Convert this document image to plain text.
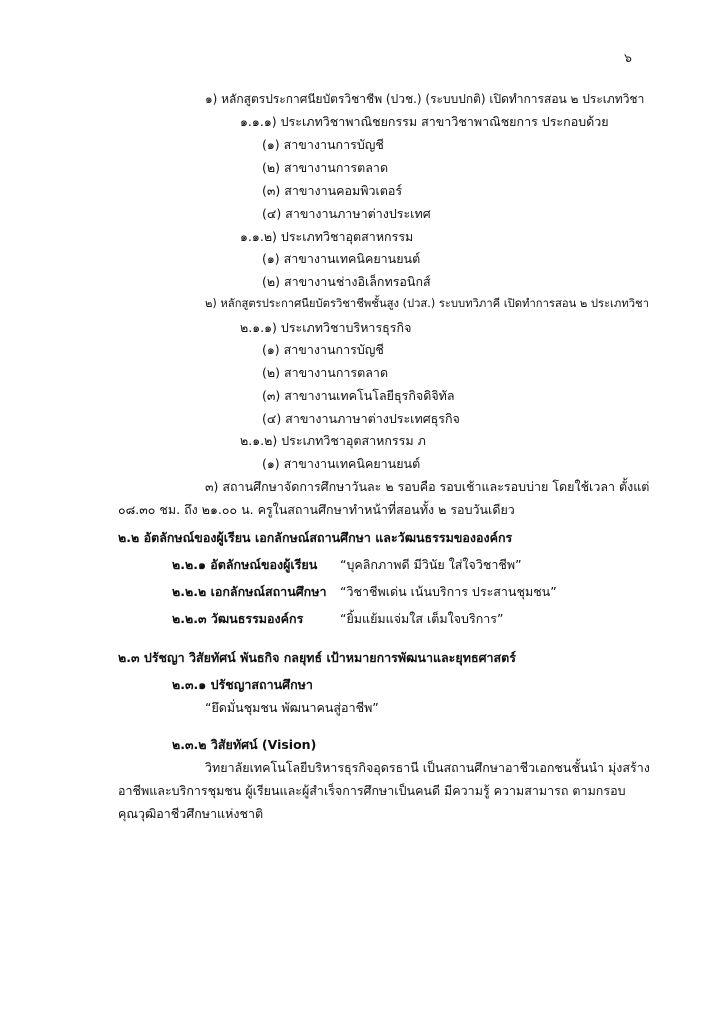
๖
๑) หลักสูตรประกาศนียบัตรวิชาชีพ (ปวช.) (ระบบปกติ) เปิดทำการสอน ๒ ประเภทวิชา
๑.๑.๑) ประเภทวิชาพาณิชยกรรม สาขาวิชาพาณิชยการ ประกอบด้วย
(๑) สาขางานการบัญชี
(๒) สาขางานการตลาด
(๓) สาขางานคอมพิวเตอร์
(๔) สาขางานภาษาต่างประเทศ
๑.๑.๒) ประเภทวิชาอุตสาหกรรม
(๑) สาขางานเทคนิคยานยนต์
(๒) สาขางานช่างอิเล็กทรอนิกส์
๒) หลักสูตรประกาศนียบัตรวิชาชีพชั้นสูง (ปวส.) ระบบทวิภาคี เปิดทำการสอน ๒ ประเภทวิชา
๒.๑.๑) ประเภทวิชาบริหารธุรกิจ
(๑) สาขางานการบัญชี
(๒) สาขางานการตลาด
(๓) สาขางานเทคโนโลยีธุรกิจดิจิทัล
(๔) สาขางานภาษาต่างประเทศธุรกิจ
๒.๑.๒) ประเภทวิชาอุตสาหกรรม ภ
(๑) สาขางานเทคนิคยานยนต์
๓) สถานศึกษาจัดการศึกษาวันละ ๒ รอบคือ รอบเช้าและรอบบ่าย โดยใช้เวลา ตั้งแต่
๐๘.๓๐ ชม. ถึง ๒๑.๐๐ น. ครูในสถานศึกษาทำหน้าที่สอนทั้ง ๒ รอบวันเดียว
๒.๒ อัตลักษณ์ของผู้เรียน เอกลักษณ์สถานศึกษา และวัฒนธรรมขององค์กร
๒.๒.๑ อัตลักษณ์ของผู้เรียน “บุคลิกภาพดี มีวินัย ใส่ใจวิชาชีพ”
๒.๒.๒ เอกลักษณ์สถานศึกษา “วิชาชีพเด่น เน้นบริการ ประสานชุมชน”
๒.๒.๓ วัฒนธรรมองค์กร	“ยิ้มแย้มแจ่มใส เต็มใจบริการ”
๒.๓ ปรัชญา วิสัยทัศน์ พันธกิจ กลยุทธ์ เป้าหมายการพัฒนาและยุทธศาสตร์
๒.๓.๑ ปรัชญาสถานศึกษา
“ยึดมั่นชุมชน พัฒนาคนสู่อาชีพ”
๒.๓.๒ วิสัยทัศน์ (Vision)
วิทยาลัยเทคโนโลยีบริหารธุรกิจอุดรธานี เป็นสถานศึกษาอาชีวเอกชนชั้นนำ มุ่งสร้าง
อาชีพและบริการชุมชน ผู้เรียนและผู้สำเร็จการศึกษาเป็นคนดี มีความรู้ ความสามารถ ตามกรอบ
คุณวุฒิอาชีวศึกษาแห่งชาติ
